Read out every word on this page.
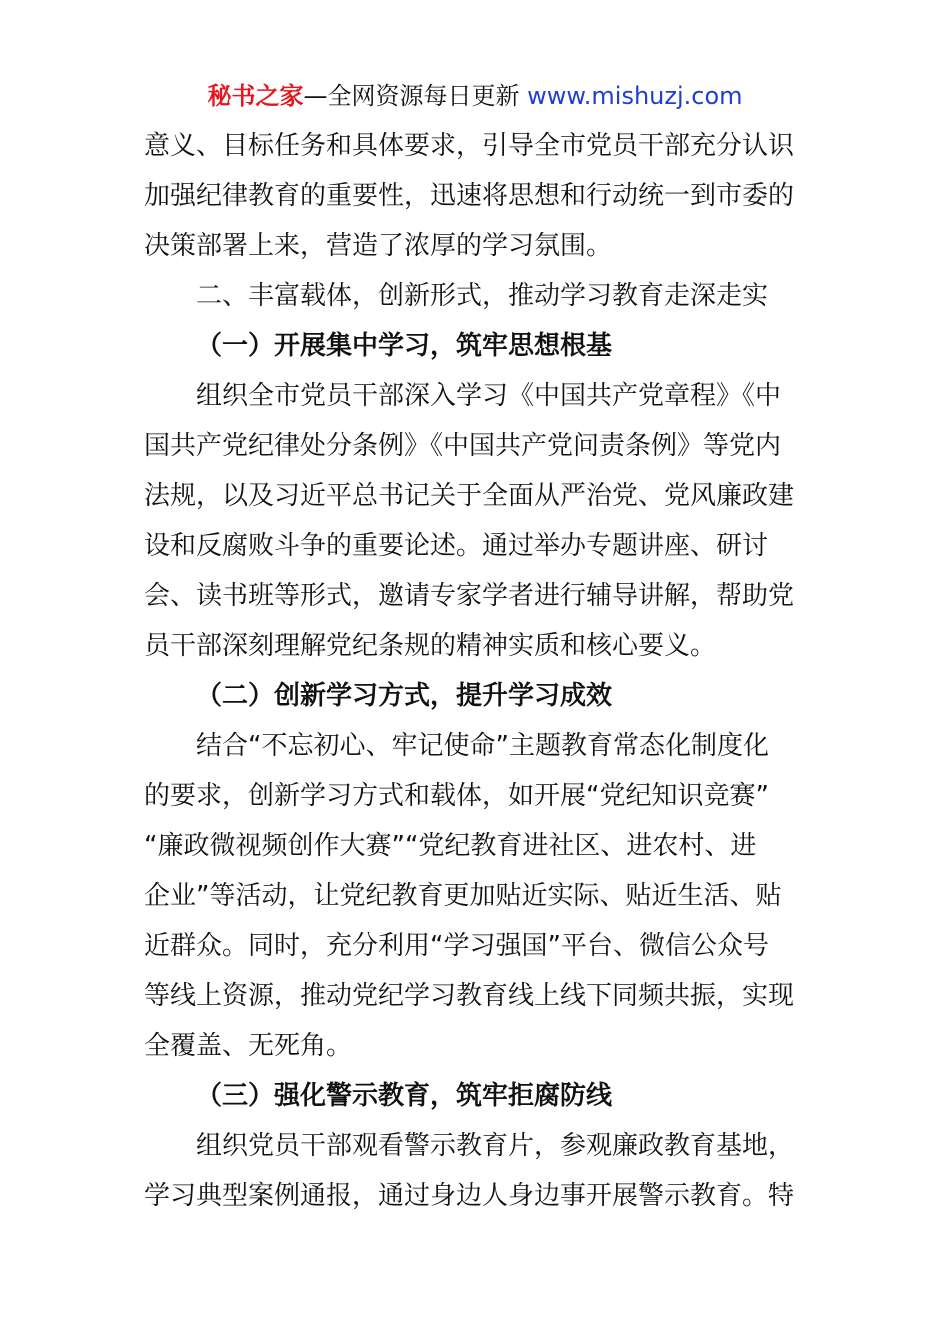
秘书之家—全网资源每日更新 www.mishuzj.com
意义、目标任务和具体要求，引导全市党员干部充分认识
加强纪律教育的重要性，迅速将思想和行动统一到市委的
决策部署上来，营造了浓厚的学习氛围。
二、丰富载体，创新形式，推动学习教育走深走实
（一）开展集中学习，筑牢思想根基
组织全市党员干部深入学习《中国共产党章程》《中
国共产党纪律处分条例》《中国共产党问责条例》等党内
法规，以及习近平总书记关于全面从严治党、党风廉政建
设和反腐败斗争的重要论述。通过举办专题讲座、研讨
会、读书班等形式，邀请专家学者进行辅导讲解，帮助党
员干部深刻理解党纪条规的精神实质和核心要义。
（二）创新学习方式，提升学习成效
结合“不忘初心、牢记使命”主题教育常态化制度化
的要求，创新学习方式和载体，如开展“党纪知识竞赛”
“廉政微视频创作大赛”“党纪教育进社区、进农村、进
企业”等活动，让党纪教育更加贴近实际、贴近生活、贴
近群众。同时，充分利用“学习强国”平台、微信公众号
等线上资源，推动党纪学习教育线上线下同频共振，实现
全覆盖、无死角。
（三）强化警示教育，筑牢拒腐防线
组织党员干部观看警示教育片，参观廉政教育基地，
学习典型案例通报，通过身边人身边事开展警示教育。特
